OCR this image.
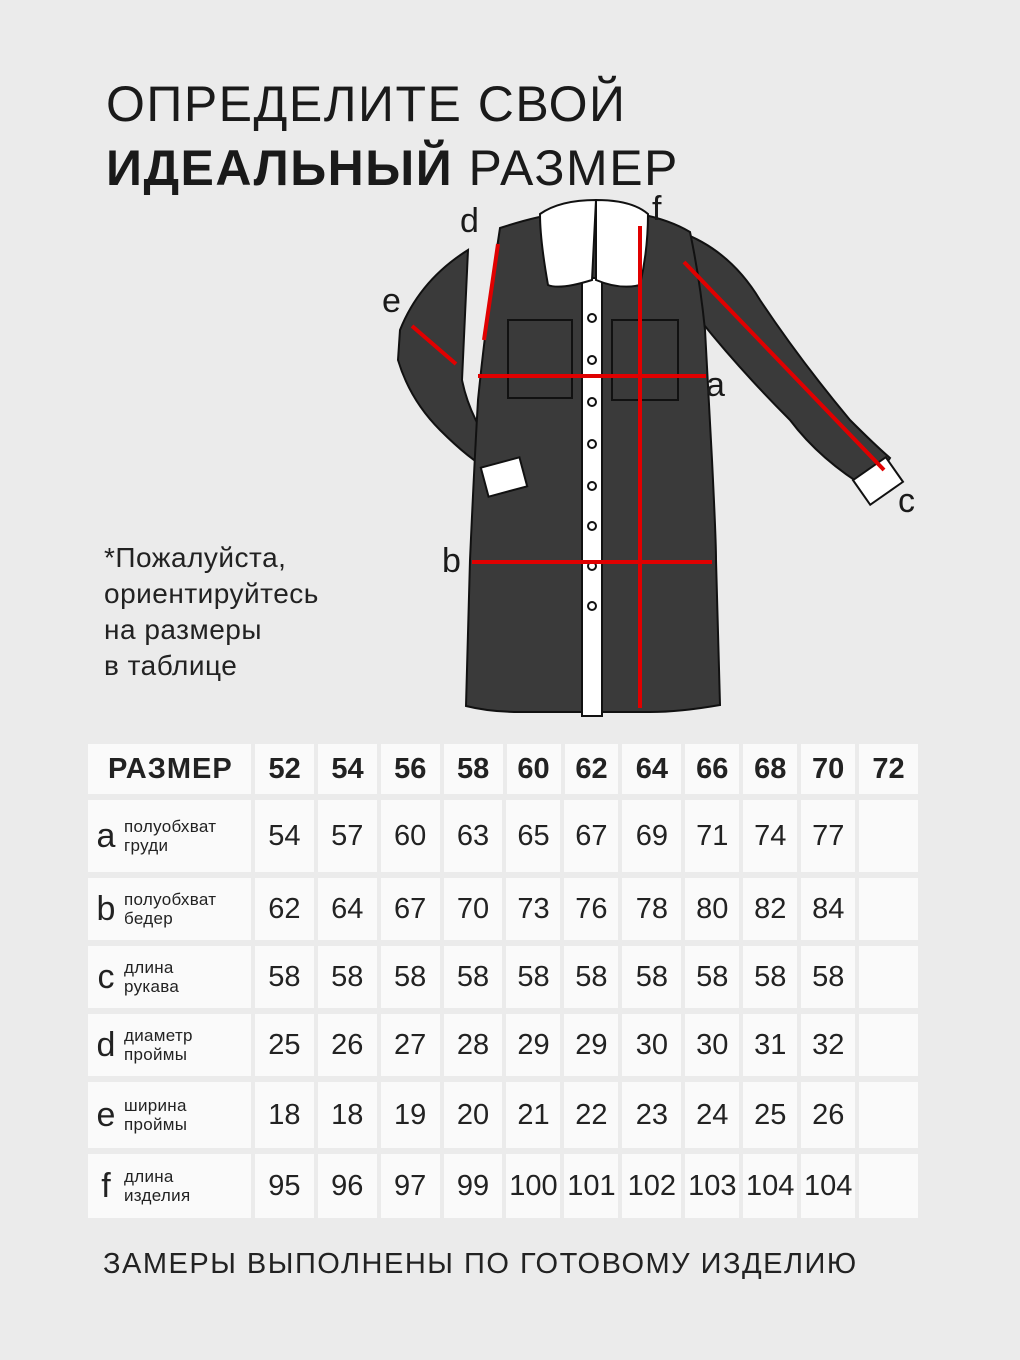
ОПРЕДЕЛИТЕ СВОЙ
ИДЕАЛЬНЫЙ РАЗМЕР
a
b
c
d
e
f
*Пожалуйста,
ориентируйтесь
на размеры
в таблице
РАЗМЕР	52	54	56	58 60 62 64 66 68 70 72
a полуобхват
груди	54	57	60	63 65 67 69 71 74 77
b полуобхват
бедер	62	64	67	70 73 76 78 80 82 84
c длина
рукава	58	58	58	58 58 58 58 58 58 58
d диаметр
проймы	25	26	27	28 29 29 30 30 31 32
e ширина
проймы	18	18	19	20 21 22 23 24 25 26
f длина
изделия	95	96	97	99 100 101 102 103 104 104
ЗАМЕРЫ ВЫПОЛНЕНЫ ПО ГОТОВОМУ ИЗДЕЛИЮ
